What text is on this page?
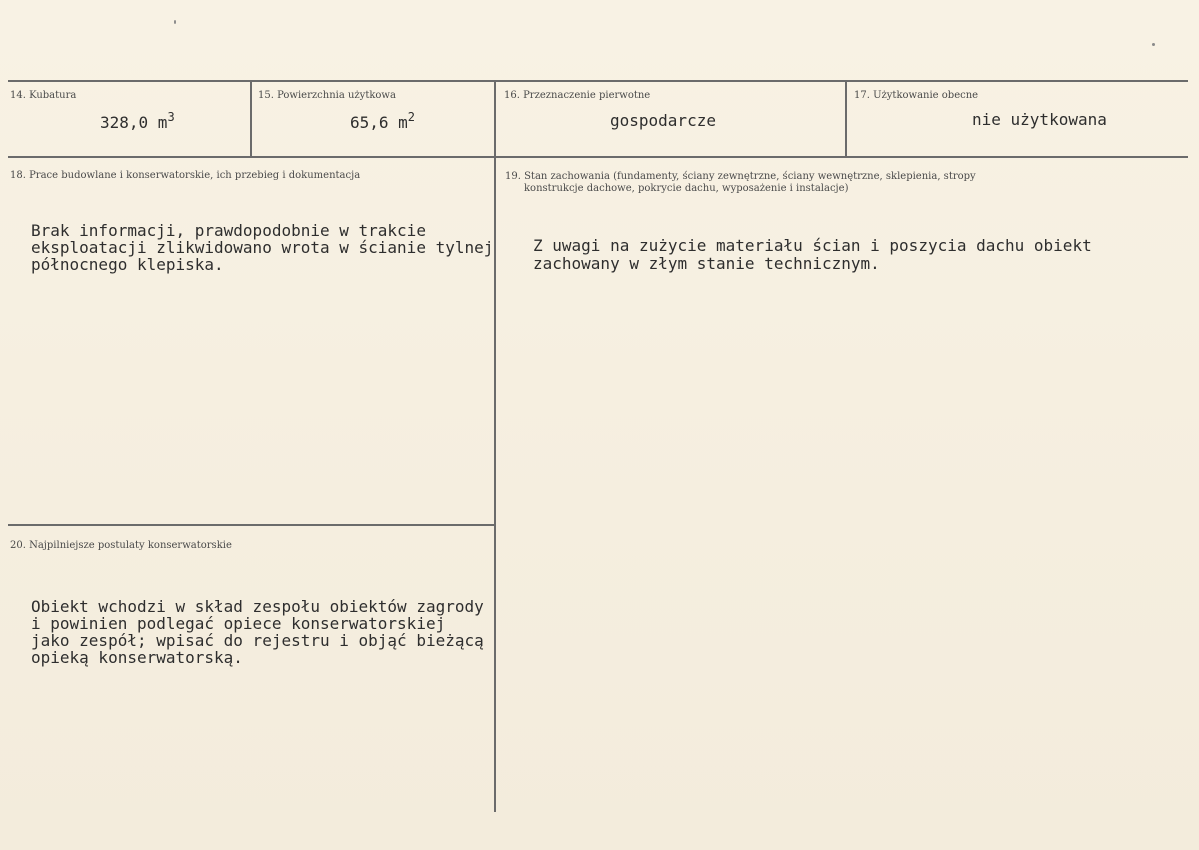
14. Kubatura
328,0 $m^3$
15. Powierzchnia użytkowa
65,6 $m^2$
16. Przeznaczenie pierwotne
gospodarcze
17. Użytkowanie obecne
nie użytkowana
18. Prace budowlane i konserwatorskie, ich przebieg i dokumentacja
Brak informacji, prawdopodobnie w trakcie
eksploatacji zlikwidowano wrota w ścianie tylnej
północnego klepiska.
19. Stan zachowania (fundamenty, ściany zewnętrzne, ściany wewnętrzne, sklepienia, stropy
konstrukcje dachowe, pokrycie dachu, wyposażenie i instalacje)
Z uwagi na zużycie materiału ścian i poszycia dachu obiekt
zachowany w złym stanie technicznym.
20. Najpilniejsze postulaty konserwatorskie
Obiekt wchodzi w skład zespołu obiektów zagrody
i powinien podlegać opiece konserwatorskiej
jako zespół; wpisać do rejestru i objąć bieżącą
opieką konserwatorską.
